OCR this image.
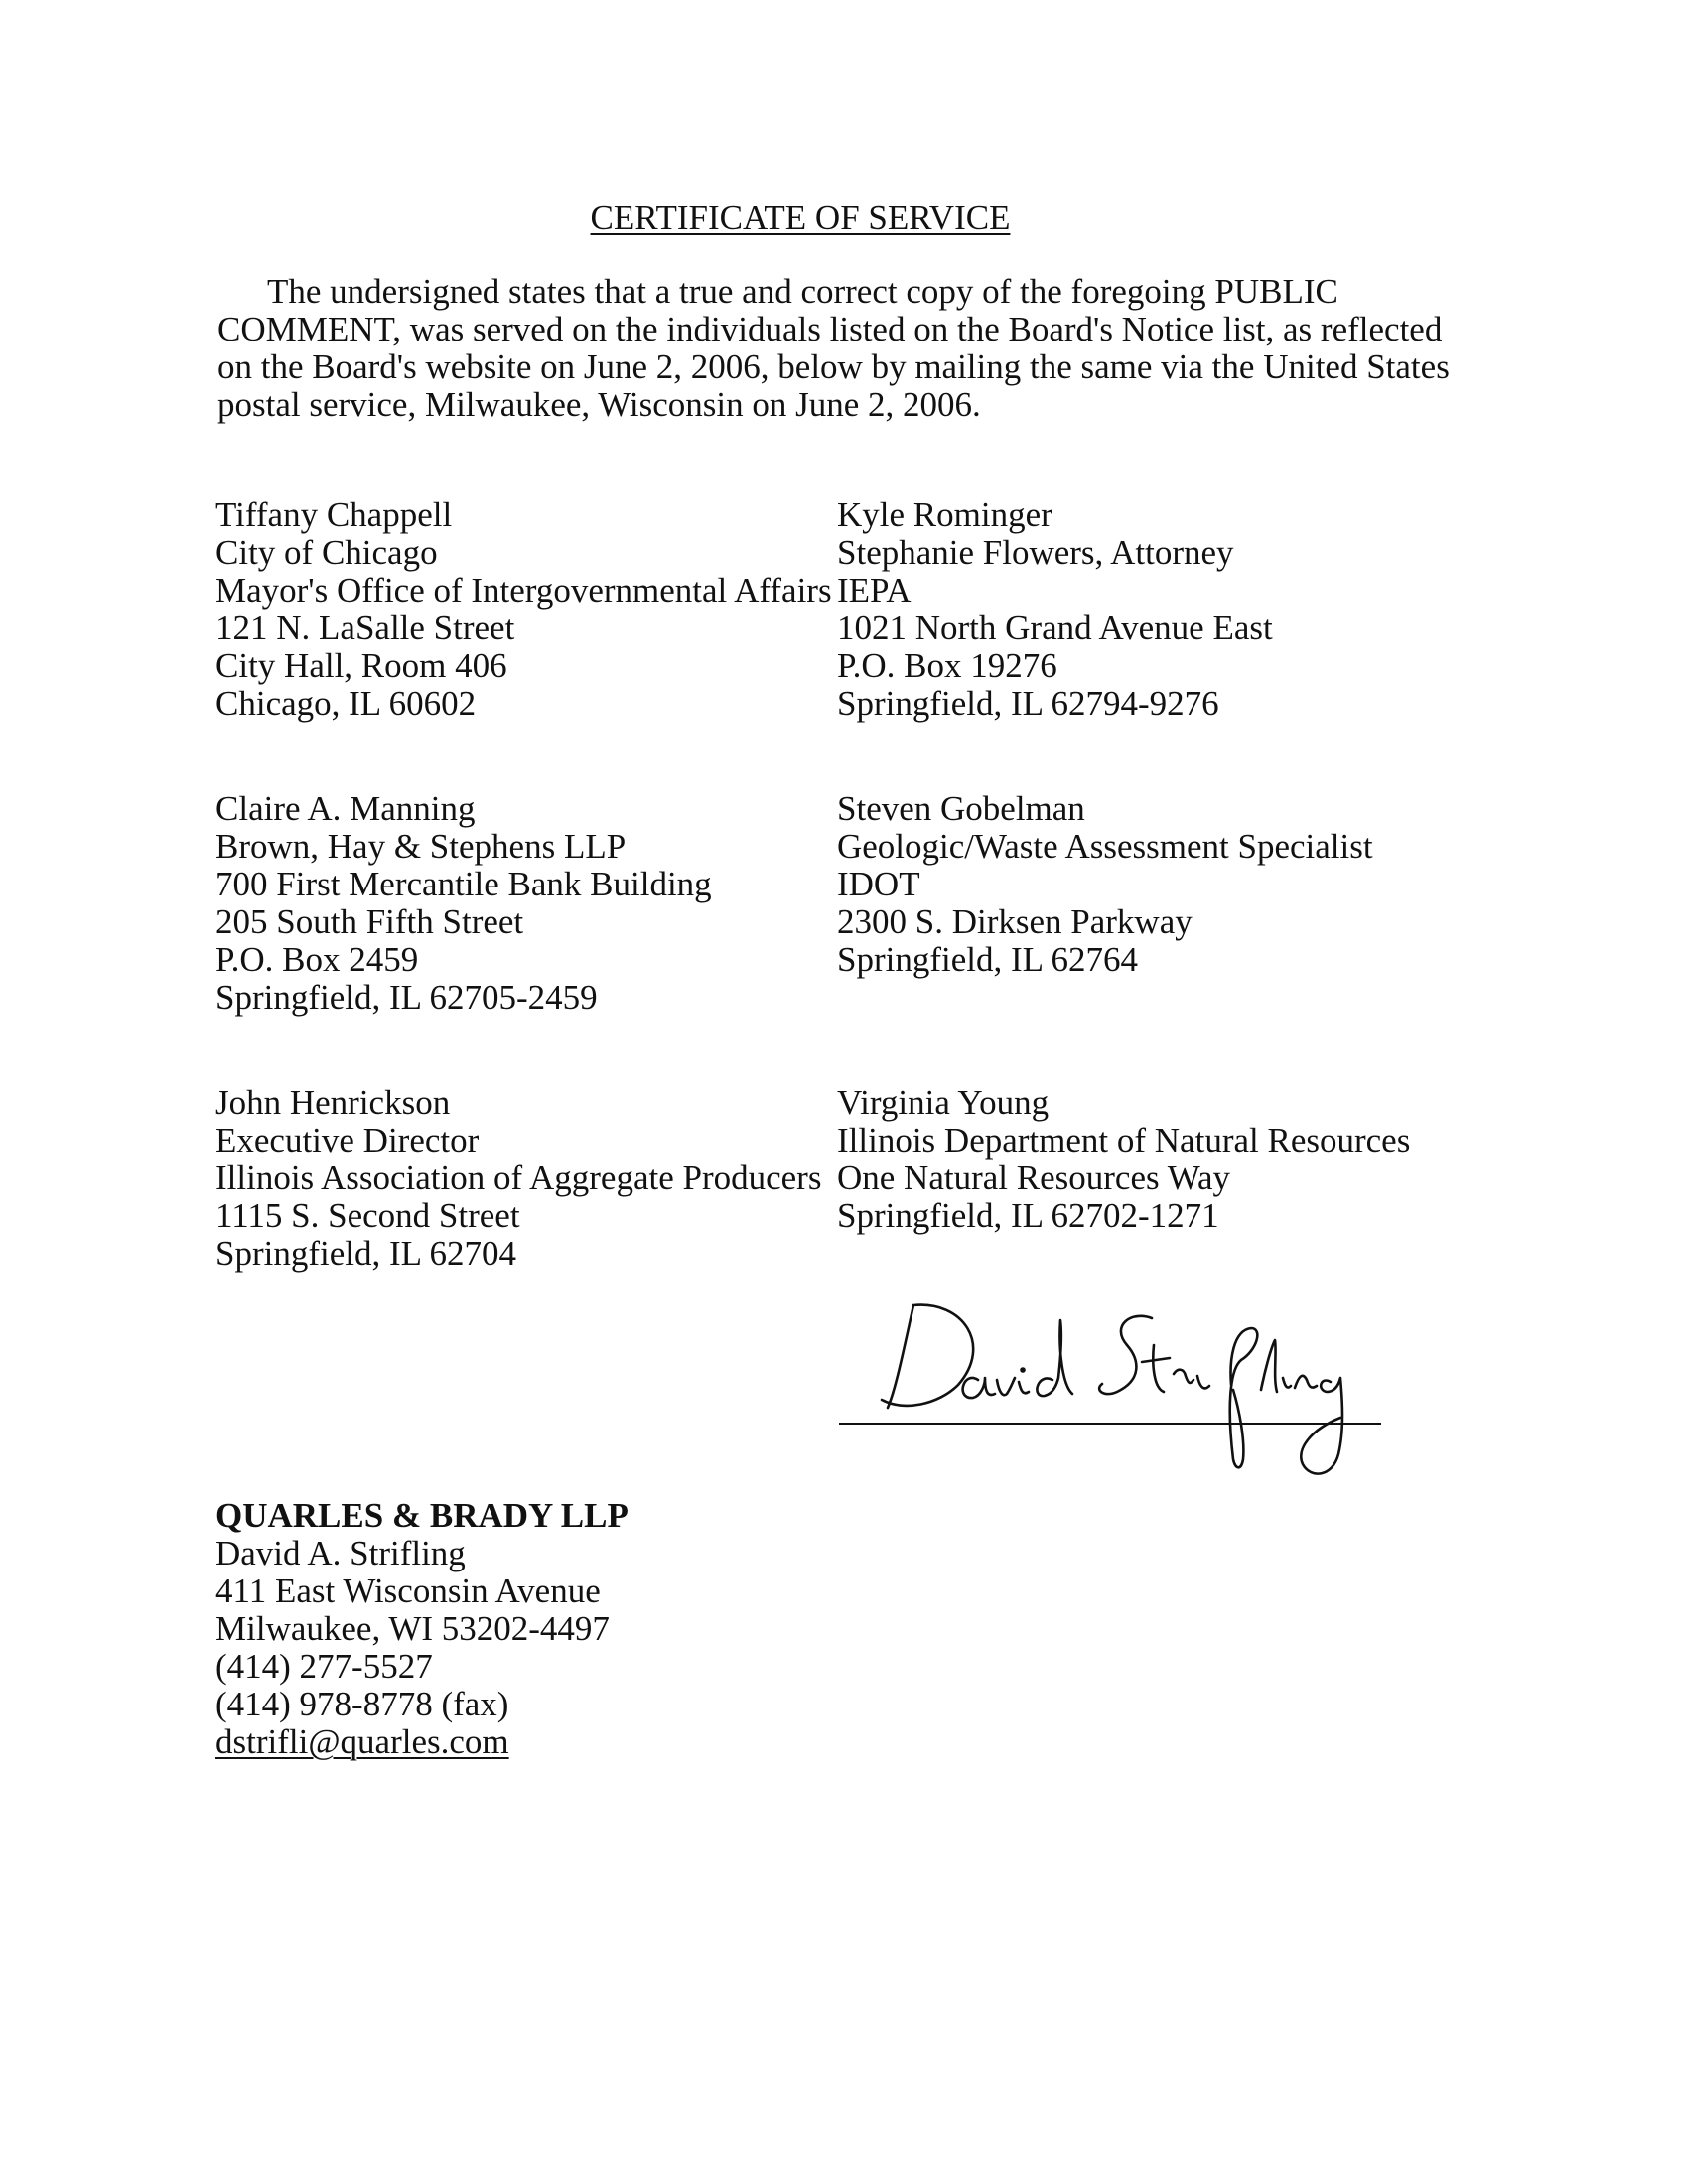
CERTIFICATE OF SERVICE
The undersigned states that a true and correct copy of the foregoing PUBLIC
COMMENT, was served on the individuals listed on the Board's Notice list, as reflected
on the Board's website on June 2, 2006, below by mailing the same via the United States
postal service, Milwaukee, Wisconsin on June 2, 2006.
Tiffany Chappell
City of Chicago
Mayor's Office of Intergovernmental Affairs
121 N. LaSalle Street
City Hall, Room 406
Chicago, IL 60602
Kyle Rominger
Stephanie Flowers, Attorney
IEPA
1021 North Grand Avenue East
P.O. Box 19276
Springfield, IL 62794-9276
Claire A. Manning
Brown, Hay & Stephens LLP
700 First Mercantile Bank Building
205 South Fifth Street
P.O. Box 2459
Springfield, IL 62705-2459
Steven Gobelman
Geologic/Waste Assessment Specialist
IDOT
2300 S. Dirksen Parkway
Springfield, IL 62764
John Henrickson
Executive Director
Illinois Association of Aggregate Producers
1115 S. Second Street
Springfield, IL 62704
Virginia Young
Illinois Department of Natural Resources
One Natural Resources Way
Springfield, IL 62702-1271
QUARLES & BRADY LLP
David A. Strifling
411 East Wisconsin Avenue
Milwaukee, WI 53202-4497
(414) 277-5527
(414) 978-8778 (fax)
dstrifli@quarles.com
